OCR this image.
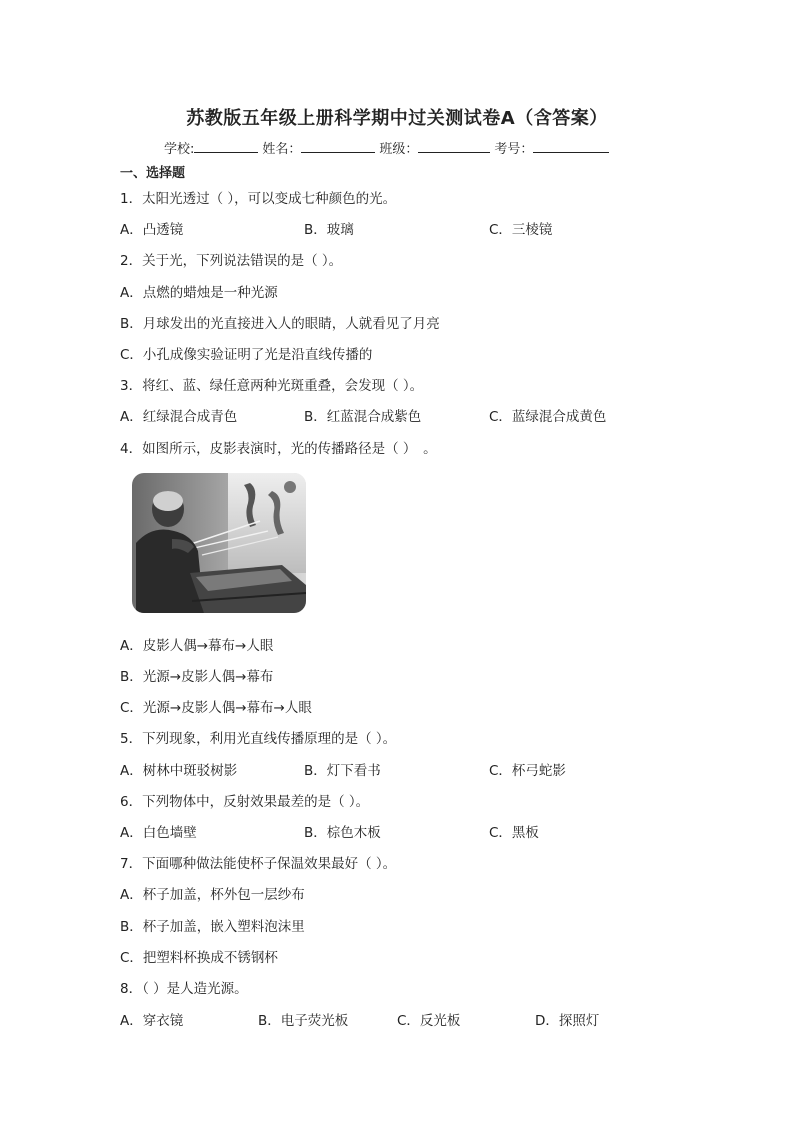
苏教版五年级上册科学期中过关测试卷A（含答案）
学校:	姓名：	班级：	考号：
一、选择题
1．太阳光透过（ ），可以变成七种颜色的光。
A．凸透镜	B．玻璃	C．三棱镜
2．关于光，下列说法错误的是（ ）。
A．点燃的蜡烛是一种光源
B．月球发出的光直接进入人的眼睛，人就看见了月亮
C．小孔成像实验证明了光是沿直线传播的
3．将红、蓝、绿任意两种光斑重叠，会发现（ ）。
A．红绿混合成青色	B．红蓝混合成紫色	C．蓝绿混合成黄色
4．如图所示，皮影表演时，光的传播路径是（ ）　。
A．皮影人偶→幕布→人眼
B．光源→皮影人偶→幕布
C．光源→皮影人偶→幕布→人眼
5．下列现象，利用光直线传播原理的是（ ）。
A．树林中斑驳树影	B．灯下看书	C．杯弓蛇影
6．下列物体中，反射效果最差的是（ ）。
A．白色墙壁	B．棕色木板	C．黑板
7．下面哪种做法能使杯子保温效果最好（ ）。
A．杯子加盖，杯外包一层纱布
B．杯子加盖，嵌入塑料泡沫里
C．把塑料杯换成不锈钢杯
8．（ ）是人造光源。
A．穿衣镜	B．电子荧光板	C．反光板	D．探照灯
